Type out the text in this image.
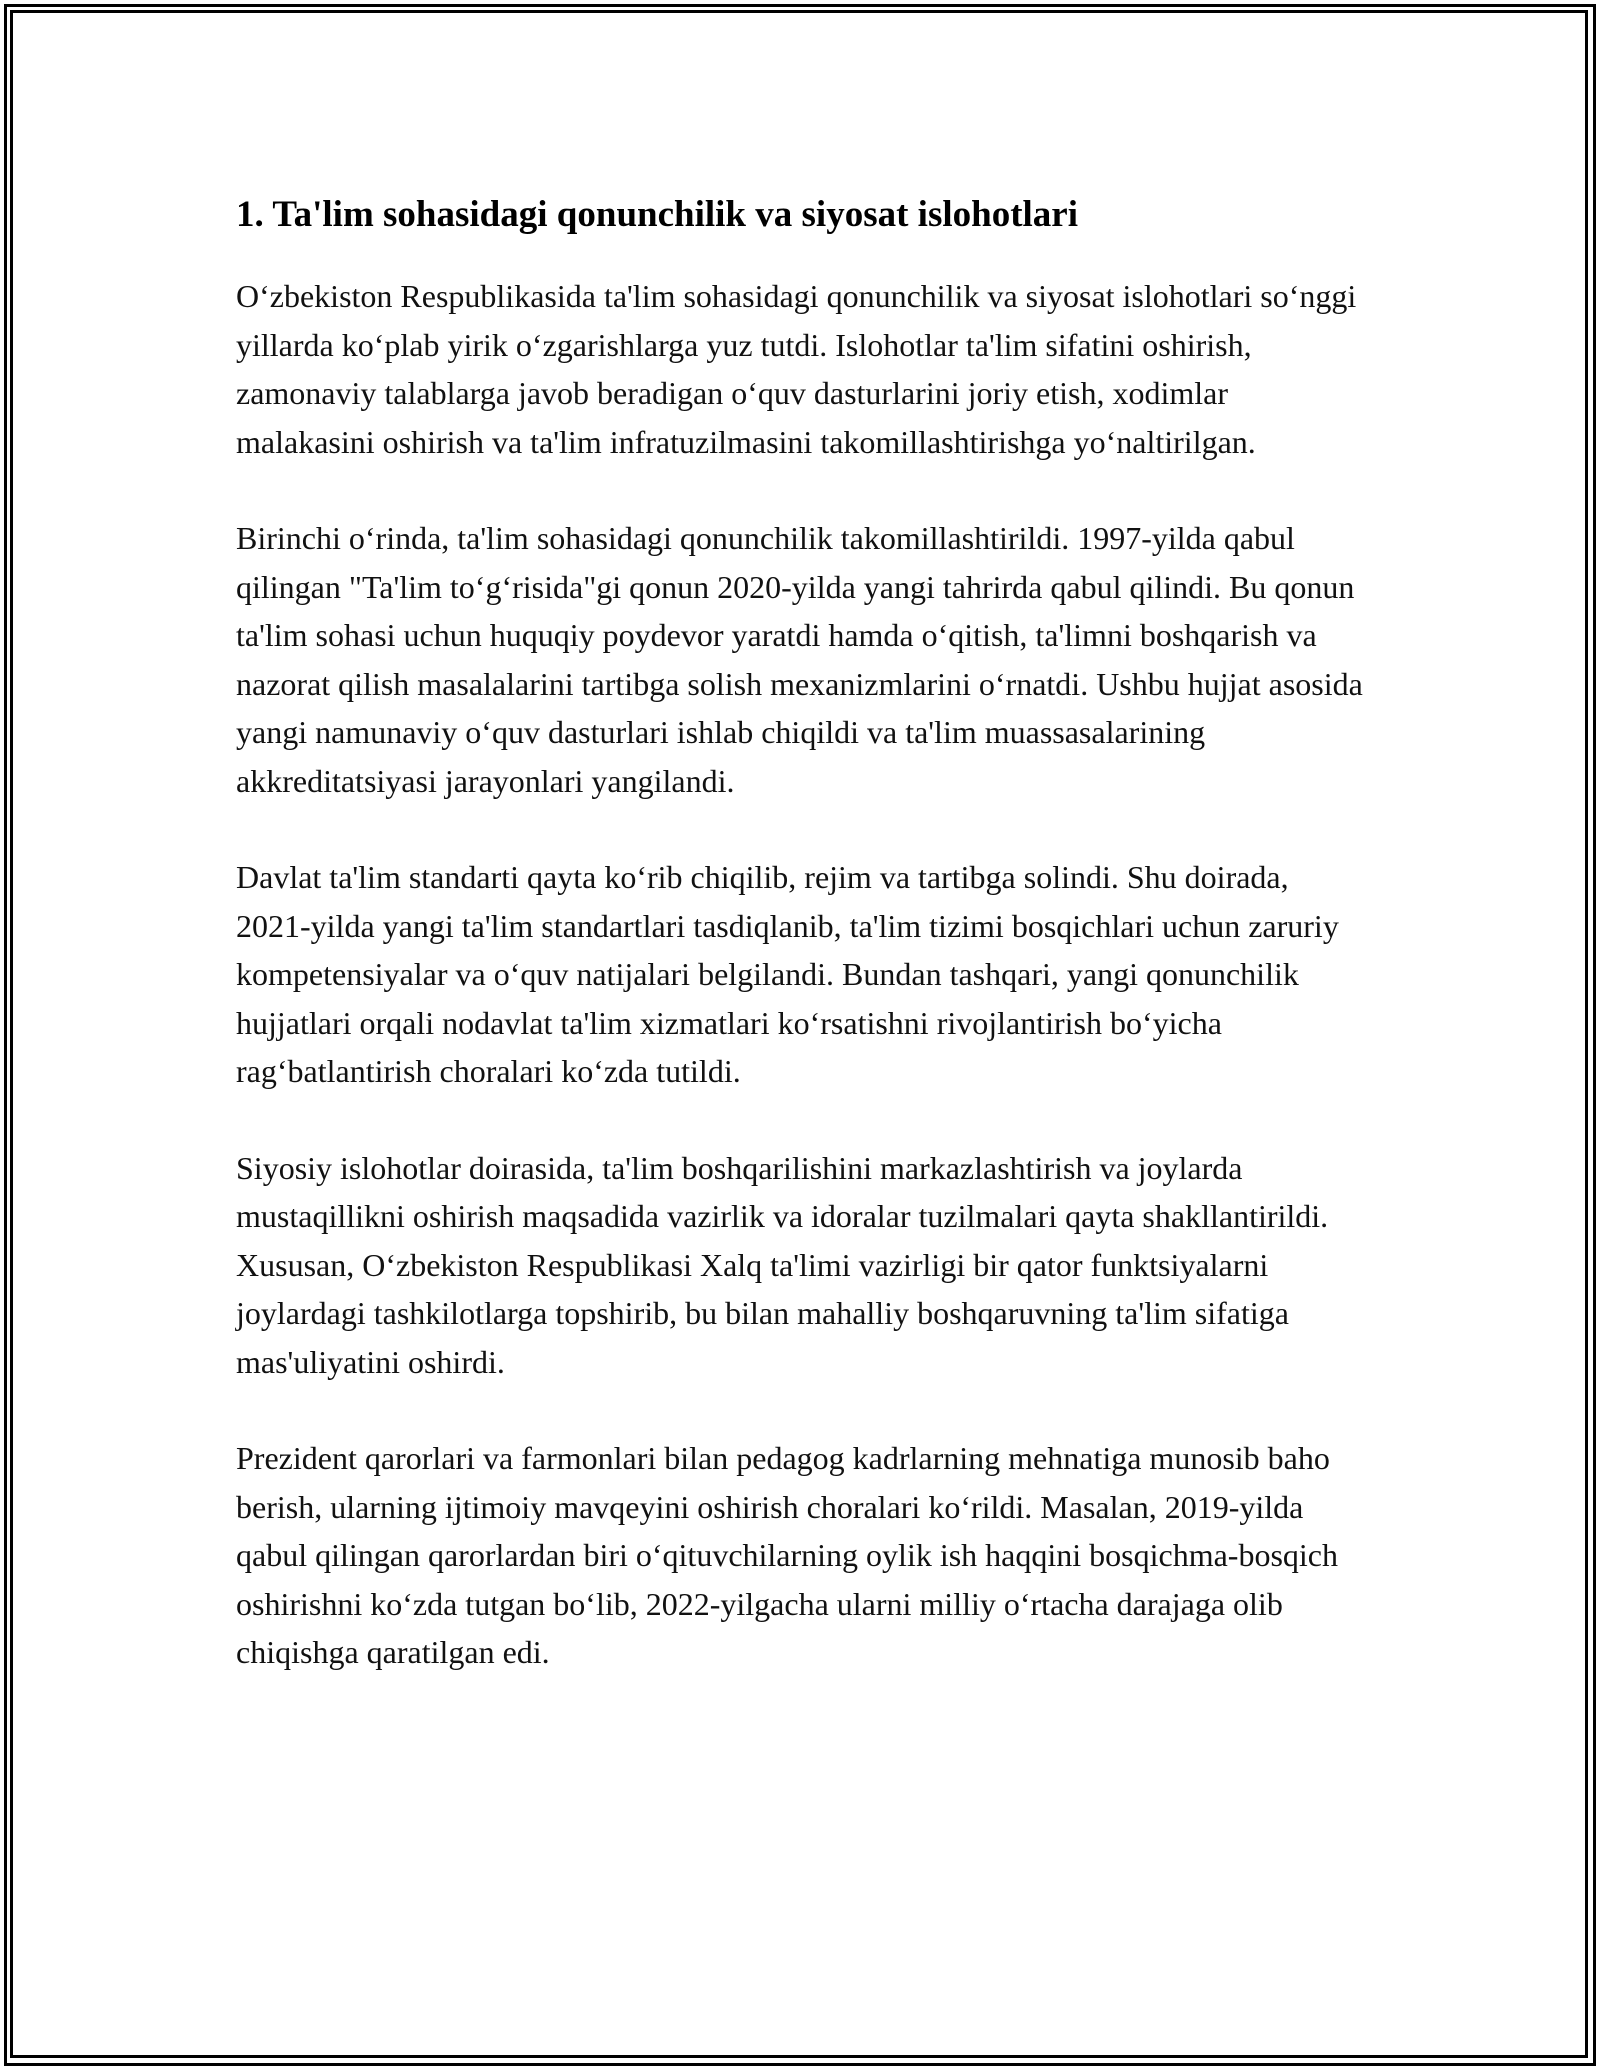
1. Ta'lim sohasidagi qonunchilik va siyosat islohotlari

O‘zbekiston Respublikasida ta'lim sohasidagi qonunchilik va siyosat islohotlari so‘nggi yillarda ko‘plab yirik o‘zgarishlarga yuz tutdi. Islohotlar ta'lim sifatini oshirish, zamonaviy talablarga javob beradigan o‘quv dasturlarini joriy etish, xodimlar malakasini oshirish va ta'lim infratuzilmasini takomillashtirishga yo‘naltirilgan.

Birinchi o‘rinda, ta'lim sohasidagi qonunchilik takomillashtirildi. 1997-yilda qabul qilingan "Ta'lim to‘g‘risida"gi qonun 2020-yilda yangi tahrirda qabul qilindi. Bu qonun ta'lim sohasi uchun huquqiy poydevor yaratdi hamda o‘qitish, ta'limni boshqarish va nazorat qilish masalalarini tartibga solish mexanizmlarini o‘rnatdi. Ushbu hujjat asosida yangi namunaviy o‘quv dasturlari ishlab chiqildi va ta'lim muassasalarining akkreditatsiyasi jarayonlari yangilandi.

Davlat ta'lim standarti qayta ko‘rib chiqilib, rejim va tartibga solindi. Shu doirada, 2021-yilda yangi ta'lim standartlari tasdiqlanib, ta'lim tizimi bosqichlari uchun zaruriy kompetensiyalar va o‘quv natijalari belgilandi. Bundan tashqari, yangi qonunchilik hujjatlari orqali nodavlat ta'lim xizmatlari ko‘rsatishni rivojlantirish bo‘yicha rag‘batlantirish choralari ko‘zda tutildi.

Siyosiy islohotlar doirasida, ta'lim boshqarilishini markazlashtirish va joylarda mustaqillikni oshirish maqsadida vazirlik va idoralar tuzilmalari qayta shakllantirildi. Xususan, O‘zbekiston Respublikasi Xalq ta'limi vazirligi bir qator funktsiyalarni joylardagi tashkilotlarga topshirib, bu bilan mahalliy boshqaruvning ta'lim sifatiga mas'uliyatini oshirdi.

Prezident qarorlari va farmonlari bilan pedagog kadrlarning mehnatiga munosib baho berish, ularning ijtimoiy mavqeyini oshirish choralari ko‘rildi. Masalan, 2019-yilda qabul qilingan qarorlardan biri o‘qituvchilarning oylik ish haqqini bosqichma-bosqich oshirishni ko‘zda tutgan bo‘lib, 2022-yilgacha ularni milliy o‘rtacha darajaga olib chiqishga qaratilgan edi.
